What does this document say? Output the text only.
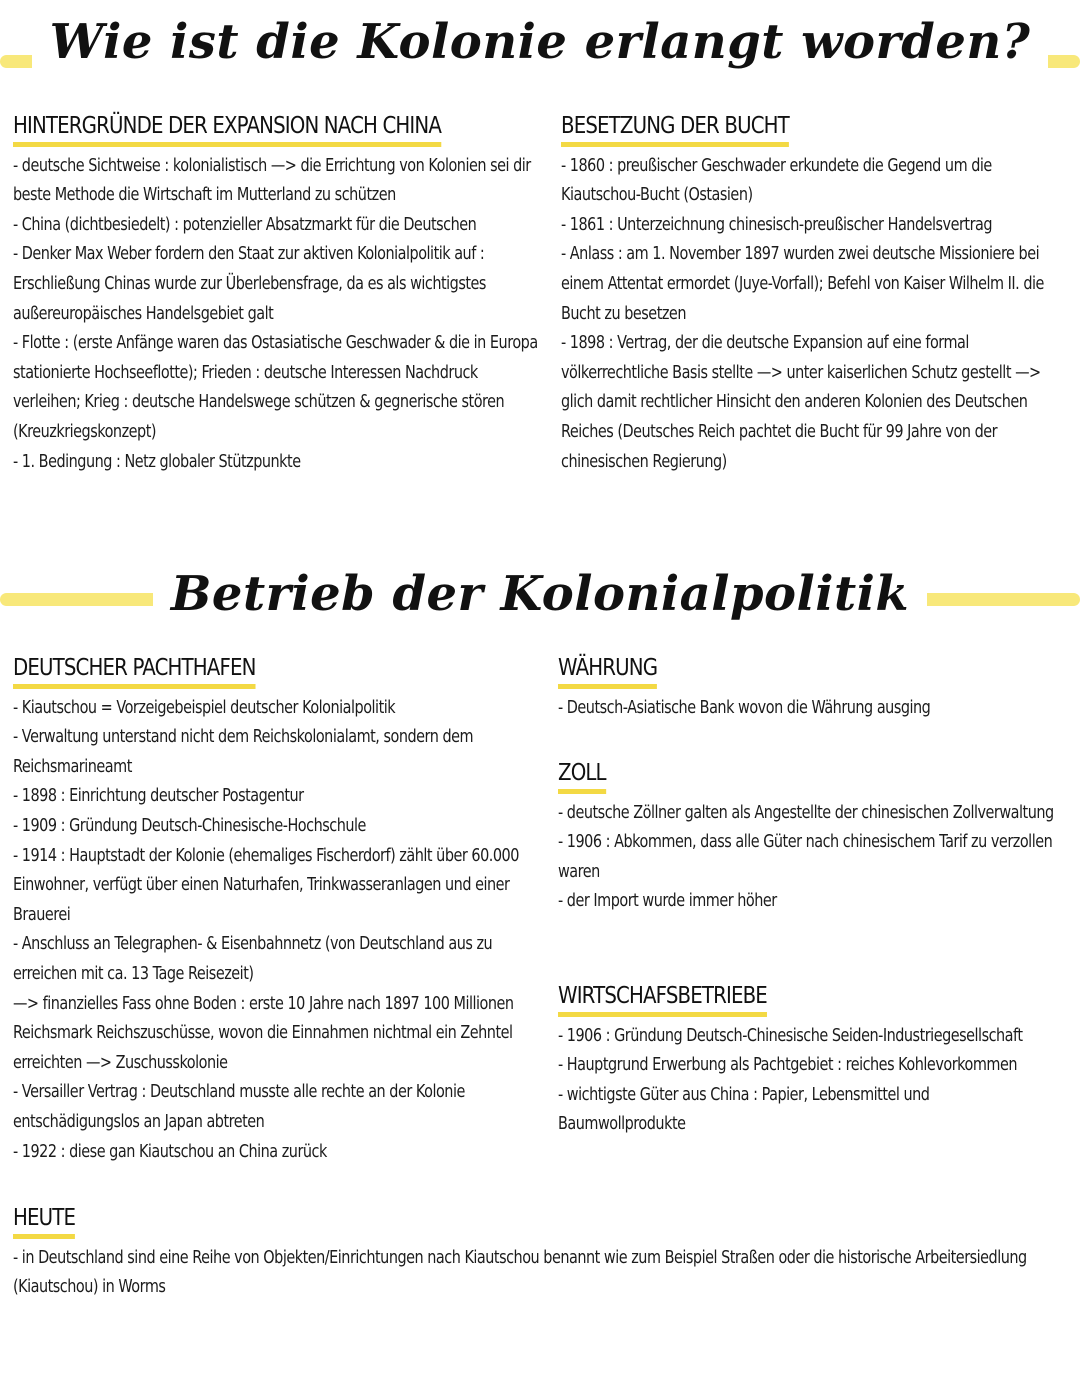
Wie ist die Kolonie erlangt worden?
Betrieb der Kolonialpolitik
HINTERGRÜNDE DER EXPANSION NACH CHINA
- deutsche Sichtweise : kolonialistisch —> die Errichtung von Kolonien sei dir beste Methode die Wirtschaft im Mutterland zu schützen
- China (dichtbesiedelt) : potenzieller Absatzmarkt für die Deutschen
- Denker Max Weber fordern den Staat zur aktiven Kolonialpolitik auf : Erschließung Chinas wurde zur Überlebensfrage, da es als wichtigstes außereuropäisches Handelsgebiet galt
- Flotte : (erste Anfänge waren das Ostasiatische Geschwader & die in Europa stationierte Hochseeflotte); Frieden : deutsche Interessen Nachdruck verleihen; Krieg : deutsche Handelswege schützen & gegnerische stören (Kreuzkriegskonzept)
- 1. Bedingung : Netz globaler Stützpunkte
BESETZUNG DER BUCHT
- 1860 : preußischer Geschwader erkundete die Gegend um die Kiautschou-Bucht (Ostasien)
- 1861 : Unterzeichnung chinesisch-preußischer Handelsvertrag
- Anlass : am 1. November 1897 wurden zwei deutsche Missioniere bei einem Attentat ermordet (Juye-Vorfall); Befehl von Kaiser Wilhelm II. die Bucht zu besetzen
- 1898 : Vertrag, der die deutsche Expansion auf eine formal völkerrechtliche Basis stellte —> unter kaiserlichen Schutz gestellt —> glich damit rechtlicher Hinsicht den anderen Kolonien des Deutschen Reiches (Deutsches Reich pachtet die Bucht für 99 Jahre von der chinesischen Regierung)
DEUTSCHER PACHTHAFEN
- Kiautschou = Vorzeigebeispiel deutscher Kolonialpolitik
- Verwaltung unterstand nicht dem Reichskolonialamt, sondern dem Reichsmarineamt
- 1898 : Einrichtung deutscher Postagentur
- 1909 : Gründung Deutsch-Chinesische-Hochschule
- 1914 : Hauptstadt der Kolonie (ehemaliges Fischerdorf) zählt über 60.000 Einwohner, verfügt über einen Naturhafen, Trinkwasseranlagen und einer Brauerei
- Anschluss an Telegraphen- & Eisenbahnnetz (von Deutschland aus zu erreichen mit ca. 13 Tage Reisezeit)
—> finanzielles Fass ohne Boden : erste 10 Jahre nach 1897 100 Millionen Reichsmark Reichszuschüsse, wovon die Einnahmen nichtmal ein Zehntel erreichten —> Zuschusskolonie
- Versailler Vertrag : Deutschland musste alle rechte an der Kolonie entschädigungslos an Japan abtreten
- 1922 : diese gan Kiautschou an China zurück
WÄHRUNG
- Deutsch-Asiatische Bank wovon die Währung ausging
ZOLL
- deutsche Zöllner galten als Angestellte der chinesischen Zollverwaltung
- 1906 : Abkommen, dass alle Güter nach chinesischem Tarif zu verzollen waren
- der Import wurde immer höher
WIRTSCHAFSBETRIEBE
- 1906 : Gründung Deutsch-Chinesische Seiden-Industriegesellschaft
- Hauptgrund Erwerbung als Pachtgebiet : reiches Kohlevorkommen
- wichtigste Güter aus China : Papier, Lebensmittel und Baumwollprodukte
HEUTE
- in Deutschland sind eine Reihe von Objekten/Einrichtungen nach Kiautschou benannt wie zum Beispiel Straßen oder die historische Arbeitersiedlung (Kiautschou) in Worms
